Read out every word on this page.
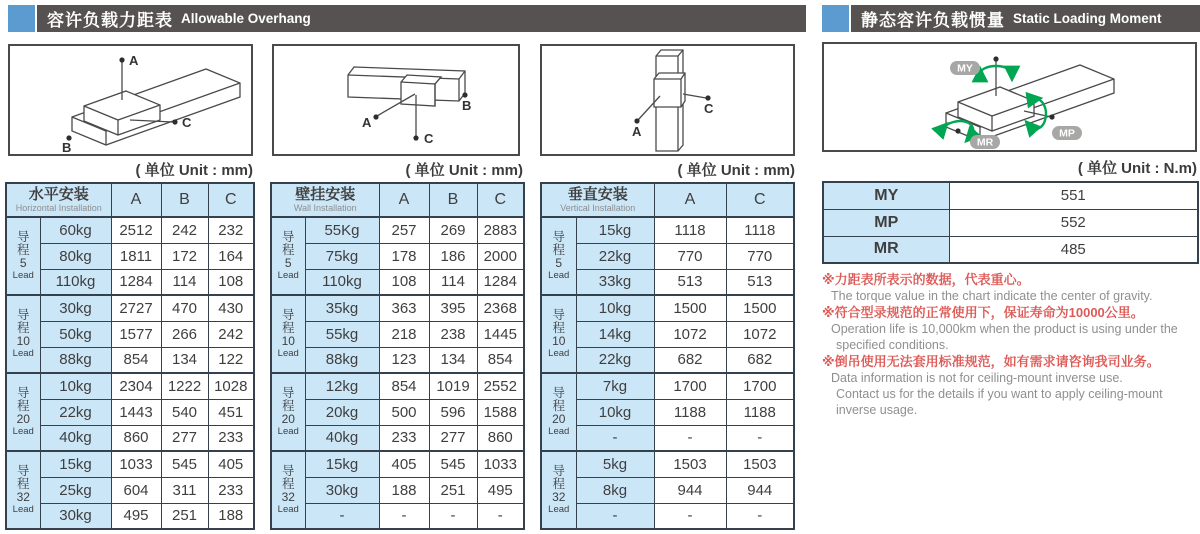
容许负载力距表 Allowable Overhang	静态容许负载惯量 Static Loading Moment
A
B
C	A
B
C	A
C
MY
MP
MR
( 单位 Unit : mm)	( 单位 Unit : mm)	( 单位 Unit : mm)	( 单位 Unit : N.m)
水平安装
Horizontal Installation		A	B	C

导
程
5
Lead	60kg	2512	242	232
	80kg	1811	172	164
	110kg	1284	114	108

导
程
10
Lead	30kg	2727	470	430
	50kg	1577	266	242
	88kg	854	134	122

导
程
20
Lead	10kg	2304	1222	1028
	22kg	1443	540	451
	40kg	860	277	233

导
程
32
Lead	15kg	1033	545	405
	25kg	604	311	233
	30kg	495	251	188
壁挂安装
Wall Installation		A	B	C

导
程
5
Lead	55Kg	257	269	2883
	75kg	178	186	2000
	110kg	108	114	1284

导
程
10
Lead	35kg	363	395	2368
	55kg	218	238	1445
	88kg	123	134	854

导
程
20
Lead	12kg	854	1019	2552
	20kg	500	596	1588
	40kg	233	277	860

导
程
32
Lead	15kg	405	545	1033
	30kg	188	251	495
	-	-	-	-
垂直安装
Vertical Installation		A	C

导
程
5
Lead	15kg	1118	1118
	22kg	770	770
	33kg	513	513

导
程
10
Lead	10kg	1500	1500
	14kg	1072	1072
	22kg	682	682

导
程
20
Lead	7kg	1700	1700
	10kg	1188	1188
	-	-	-

导
程
32
Lead	5kg	1503	1503
	8kg	944	944
	-	-	-
MY	551
MP	552
MR	485
※力距表所表示的数据，代表重心。
The torque value in the chart indicate the center of gravity.
※符合型录规范的正常使用下，保证寿命为10000公里。
Operation life is 10,000km when the product is using under the
specified conditions.
※倒吊使用无法套用标准规范，如有需求请咨询我司业务。
Data information is not for ceiling-mount inverse use.
Contact us for the details if you want to apply ceiling-mount
inverse usage.
